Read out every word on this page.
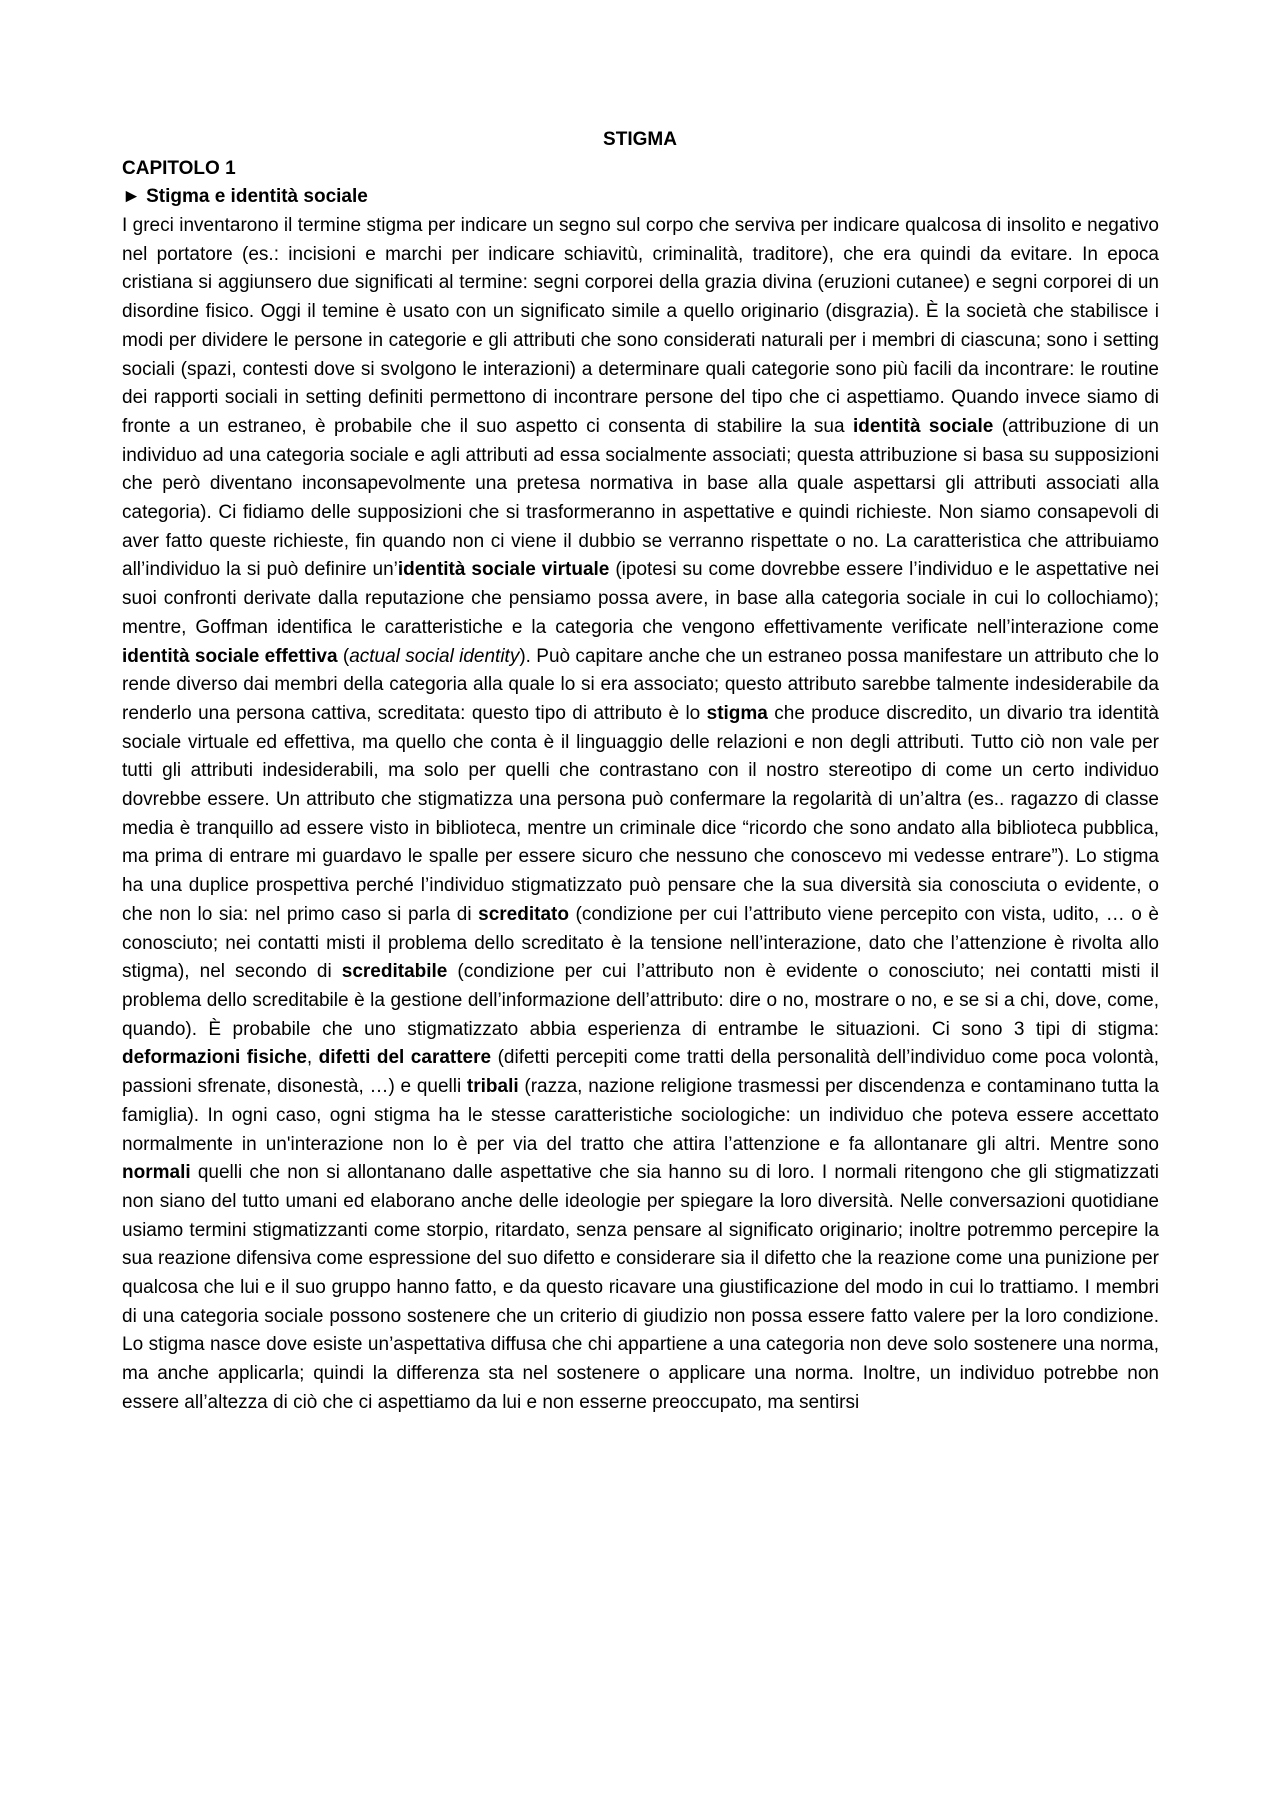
STIGMA
CAPITOLO 1
► Stigma e identità sociale

I greci inventarono il termine stigma per indicare un segno sul corpo che serviva per indicare qualcosa di insolito e negativo nel portatore (es.: incisioni e marchi per indicare schiavitù, criminalità, traditore), che era quindi da evitare. In epoca cristiana si aggiunsero due significati al termine: segni corporei della grazia divina (eruzioni cutanee) e segni corporei di un disordine fisico. Oggi il temine è usato con un significato simile a quello originario (disgrazia). È la società che stabilisce i modi per dividere le persone in categorie e gli attributi che sono considerati naturali per i membri di ciascuna; sono i setting sociali (spazi, contesti dove si svolgono le interazioni) a determinare quali categorie sono più facili da incontrare: le routine dei rapporti sociali in setting definiti permettono di incontrare persone del tipo che ci aspettiamo. Quando invece siamo di fronte a un estraneo, è probabile che il suo aspetto ci consenta di stabilire la sua identità sociale (attribuzione di un individuo ad una categoria sociale e agli attributi ad essa socialmente associati; questa attribuzione si basa su supposizioni che però diventano inconsapevolmente una pretesa normativa in base alla quale aspettarsi gli attributi associati alla categoria). Ci fidiamo delle supposizioni che si trasformeranno in aspettative e quindi richieste. Non siamo consapevoli di aver fatto queste richieste, fin quando non ci viene il dubbio se verranno rispettate o no. La caratteristica che attribuiamo all’individuo la si può definire un’identità sociale virtuale (ipotesi su come dovrebbe essere l’individuo e le aspettative nei suoi confronti derivate dalla reputazione che pensiamo possa avere, in base alla categoria sociale in cui lo collochiamo); mentre, Goffman identifica le caratteristiche e la categoria che vengono effettivamente verificate nell’interazione come identità sociale effettiva (actual social identity). Può capitare anche che un estraneo possa manifestare un attributo che lo rende diverso dai membri della categoria alla quale lo si era associato; questo attributo sarebbe talmente indesiderabile da renderlo una persona cattiva, screditata: questo tipo di attributo è lo stigma che produce discredito, un divario tra identità sociale virtuale ed effettiva, ma quello che conta è il linguaggio delle relazioni e non degli attributi. Tutto ciò non vale per tutti gli attributi indesiderabili, ma solo per quelli che contrastano con il nostro stereotipo di come un certo individuo dovrebbe essere. Un attributo che stigmatizza una persona può confermare la regolarità di un’altra (es.. ragazzo di classe media è tranquillo ad essere visto in biblioteca, mentre un criminale dice “ricordo che sono andato alla biblioteca pubblica, ma prima di entrare mi guardavo le spalle per essere sicuro che nessuno che conoscevo mi vedesse entrare”). Lo stigma ha una duplice prospettiva perché l’individuo stigmatizzato può pensare che la sua diversità sia conosciuta o evidente, o che non lo sia: nel primo caso si parla di screditato (condizione per cui l’attributo viene percepito con vista, udito, … o è conosciuto; nei contatti misti il problema dello screditato è la tensione nell’interazione, dato che l’attenzione è rivolta allo stigma), nel secondo di screditabile (condizione per cui l’attributo non è evidente o conosciuto; nei contatti misti il problema dello screditabile è la gestione dell’informazione dell’attributo: dire o no, mostrare o no, e se si a chi, dove, come, quando). È probabile che uno stigmatizzato abbia esperienza di entrambe le situazioni. Ci sono 3 tipi di stigma: deformazioni fisiche, difetti del carattere (difetti percepiti come tratti della personalità dell’individuo come poca volontà, passioni sfrenate, disonestà, …) e quelli tribali (razza, nazione religione trasmessi per discendenza e contaminano tutta la famiglia). In ogni caso, ogni stigma ha le stesse caratteristiche sociologiche: un individuo che poteva essere accettato normalmente in un'interazione non lo è per via del tratto che attira l’attenzione e fa allontanare gli altri. Mentre sono normali quelli che non si allontanano dalle aspettative che sia hanno su di loro. I normali ritengono che gli stigmatizzati non siano del tutto umani ed elaborano anche delle ideologie per spiegare la loro diversità. Nelle conversazioni quotidiane usiamo termini stigmatizzanti come storpio, ritardato, senza pensare al significato originario; inoltre potremmo percepire la sua reazione difensiva come espressione del suo difetto e considerare sia il difetto che la reazione come una punizione per qualcosa che lui e il suo gruppo hanno fatto, e da questo ricavare una giustificazione del modo in cui lo trattiamo. I membri di una categoria sociale possono sostenere che un criterio di giudizio non possa essere fatto valere per la loro condizione. Lo stigma nasce dove esiste un’aspettativa diffusa che chi appartiene a una categoria non deve solo sostenere una norma, ma anche applicarla; quindi la differenza sta nel sostenere o applicare una norma. Inoltre, un individuo potrebbe non essere all’altezza di ciò che ci aspettiamo da lui e non esserne preoccupato, ma sentirsi
